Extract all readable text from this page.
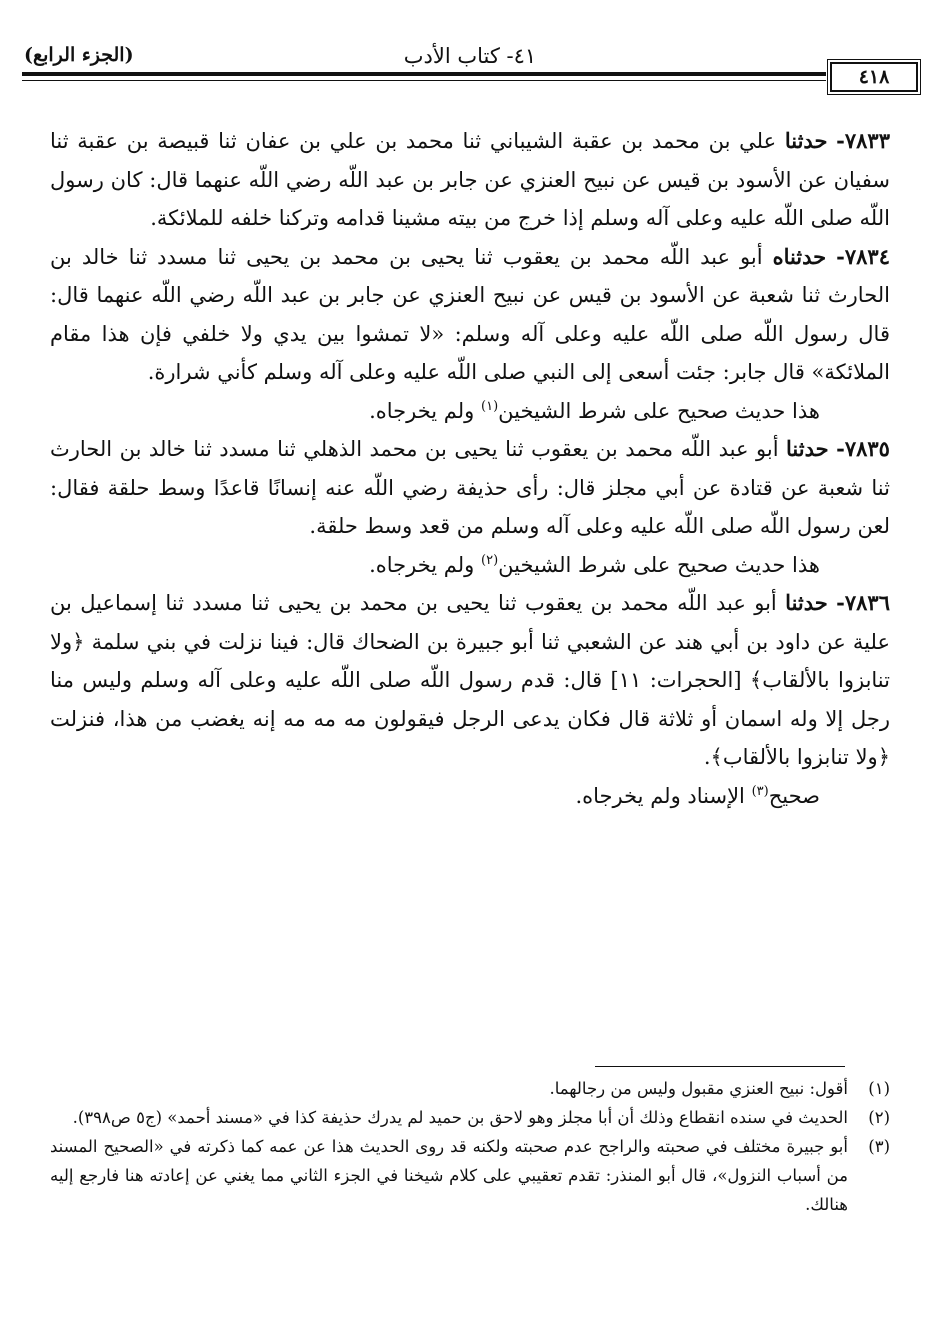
(الجزء الرابع)	٤١- كتاب الأدب
٤١٨

٧٨٣٣- حدثنا علي بن محمد بن عقبة الشيباني ثنا محمد بن علي بن عفان ثنا قبيصة بن عقبة ثنا سفيان عن الأسود بن قيس عن نبيح العنزي عن جابر بن عبد اللّه رضي اللّه عنهما قال: كان رسول اللّه صلى اللّه عليه وعلى آله وسلم إذا خرج من بيته مشينا قدامه وتركنا خلفه للملائكة.

٧٨٣٤- حدثناه أبو عبد اللّه محمد بن يعقوب ثنا يحيى بن محمد بن يحيى ثنا مسدد ثنا خالد بن الحارث ثنا شعبة عن الأسود بن قيس عن نبيح العنزي عن جابر بن عبد اللّه رضي اللّه عنهما قال: قال رسول اللّه صلى اللّه عليه وعلى آله وسلم: «لا تمشوا بين يدي ولا خلفي فإن هذا مقام الملائكة» قال جابر: جئت أسعى إلى النبي صلى اللّه عليه وعلى آله وسلم كأني شرارة.

هذا حديث صحيح على شرط الشيخين$^{(١)}$ ولم يخرجاه.

٧٨٣٥- حدثنا أبو عبد اللّه محمد بن يعقوب ثنا يحيى بن محمد الذهلي ثنا مسدد ثنا خالد بن الحارث ثنا شعبة عن قتادة عن أبي مجلز قال: رأى حذيفة رضي اللّه عنه إنسانًا قاعدًا وسط حلقة فقال: لعن رسول اللّه صلى اللّه عليه وعلى آله وسلم من قعد وسط حلقة.

هذا حديث صحيح على شرط الشيخين$^{(٢)}$ ولم يخرجاه.

٧٨٣٦- حدثنا أبو عبد اللّه محمد بن يعقوب ثنا يحيى بن محمد بن يحيى ثنا مسدد ثنا إسماعيل بن علية عن داود بن أبي هند عن الشعبي ثنا أبو جبيرة بن الضحاك قال: فينا نزلت في بني سلمة ﴿ولا تنابزوا بالألقاب﴾ [الحجرات: ١١] قال: قدم رسول اللّه صلى اللّه عليه وعلى آله وسلم وليس منا رجل إلا وله اسمان أو ثلاثة قال فكان يدعى الرجل فيقولون مه مه مه إنه يغضب من هذا، فنزلت ﴿ولا تنابزوا بالألقاب﴾.

صحيح$^{(٣)}$ الإسناد ولم يخرجاه.

(١)
أقول: نبيح العنزي مقبول وليس من رجالهما.
(٢)
الحديث في سنده انقطاع وذلك أن أبا مجلز وهو لاحق بن حميد لم يدرك حذيفة كذا في «مسند أحمد» (ج٥ ص٣٩٨).
(٣)
أبو جبيرة مختلف في صحبته والراجح عدم صحبته ولكنه قد روى الحديث هذا عن عمه كما ذكرته في «الصحيح المسند من أسباب النزول»، قال أبو المنذر: تقدم تعقيبي على كلام شيخنا في الجزء الثاني مما يغني عن إعادته هنا فارجع إليه هنالك.
